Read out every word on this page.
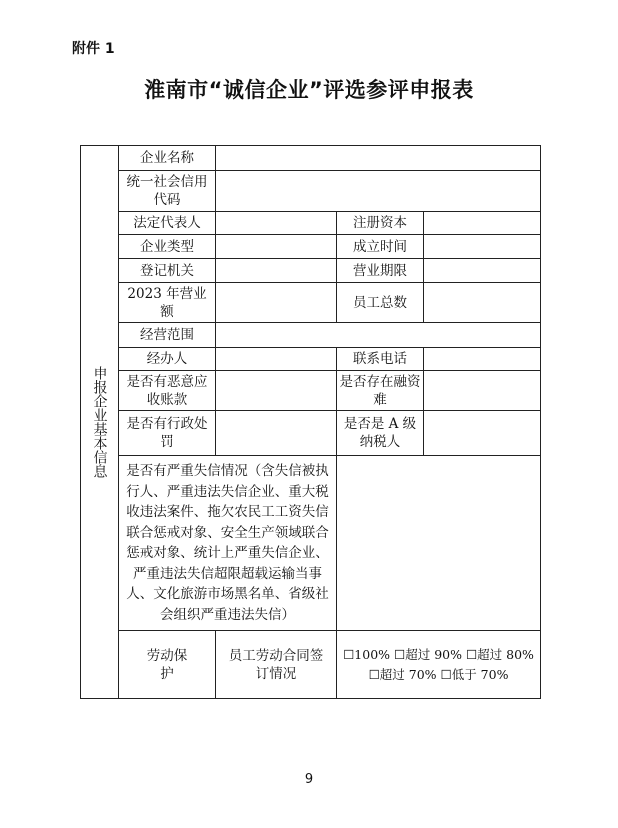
附件 1
淮南市“诚信企业”评选参评申报表
申报企业基本信息	企业名称			
	统一社会信用代码			
	法定代表人		注册资本	
	企业类型		成立时间	
	登记机关		营业期限	
	2023 年营业额		员工总数	
	经营范围			
	经办人		联系电话	
	是否有恶意应收账款		是否存在融资难	
	是否有行政处罚		是否是 A 级纳税人	
	是否有严重失信情况（含失信被执行人、严重违法失信企业、重大税收违法案件、拖欠农民工工资失信联合惩戒对象、安全生产领域联合惩戒对象、统计上严重失信企业、严重违法失信超限超载运输当事人、文化旅游市场黑名单、省级社会组织严重违法失信）			

	劳动保护	员工劳动合同签订情况	☐100% ☐超过 90% ☐超过 80%
☐超过 70% ☐低于 70%	
9
